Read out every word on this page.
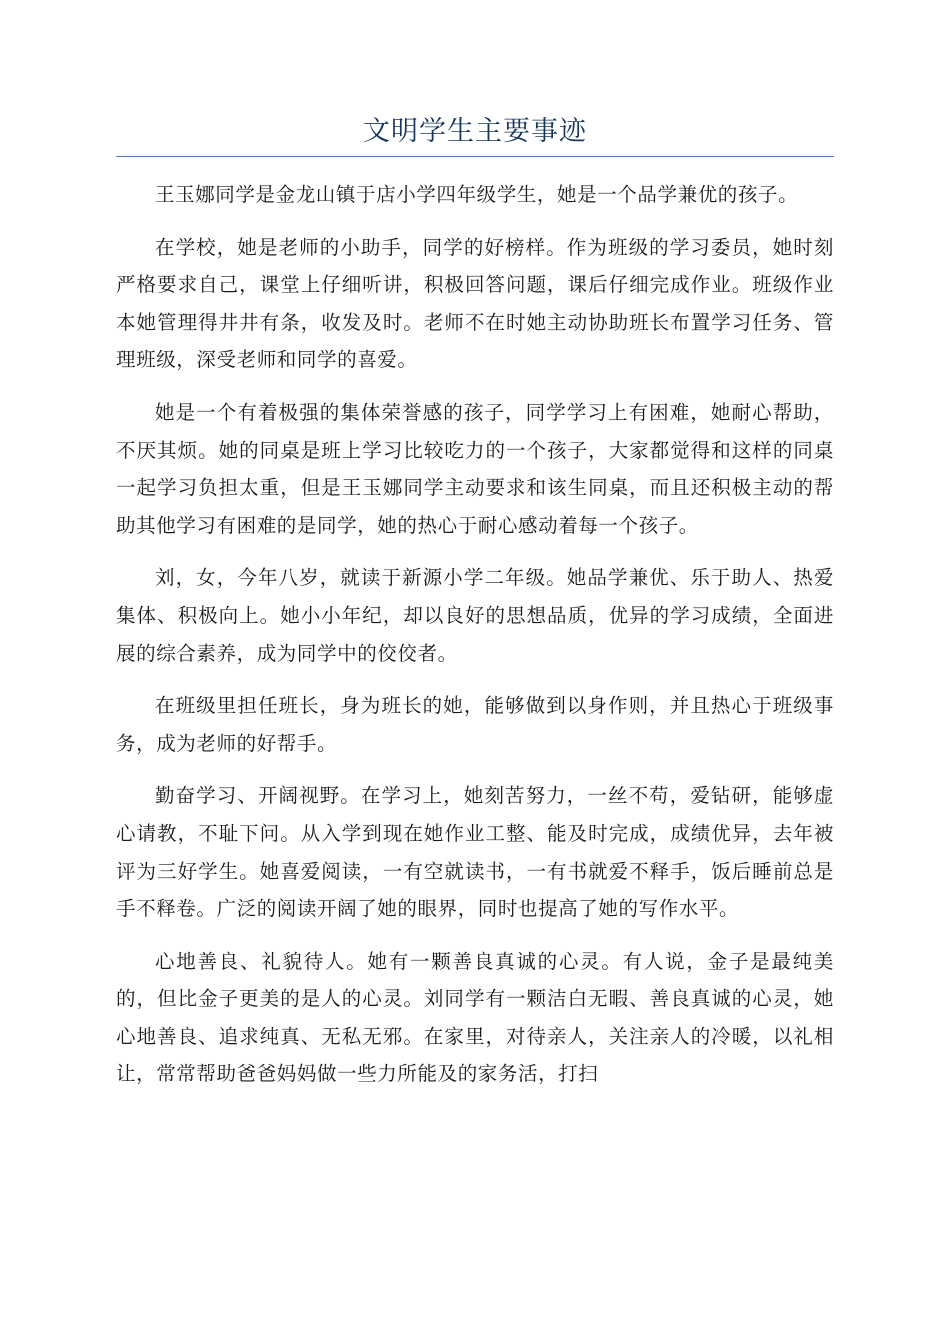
文明学生主要事迹

王玉娜同学是金龙山镇于店小学四年级学生，她是一个品学兼优的孩子。

在学校，她是老师的小助手，同学的好榜样。作为班级的学习委员，她时刻严格要求自己，课堂上仔细听讲，积极回答问题，课后仔细完成作业。班级作业本她管理得井井有条，收发及时。老师不在时她主动协助班长布置学习任务、管理班级，深受老师和同学的喜爱。

她是一个有着极强的集体荣誉感的孩子，同学学习上有困难，她耐心帮助，不厌其烦。她的同桌是班上学习比较吃力的一个孩子，大家都觉得和这样的同桌一起学习负担太重，但是王玉娜同学主动要求和该生同桌，而且还积极主动的帮助其他学习有困难的是同学，她的热心于耐心感动着每一个孩子。

刘，女，今年八岁，就读于新源小学二年级。她品学兼优、乐于助人、热爱集体、积极向上。她小小年纪，却以良好的思想品质，优异的学习成绩，全面进展的综合素养，成为同学中的佼佼者。

在班级里担任班长，身为班长的她，能够做到以身作则，并且热心于班级事务，成为老师的好帮手。

勤奋学习、开阔视野。在学习上，她刻苦努力，一丝不苟，爱钻研，能够虚心请教，不耻下问。从入学到现在她作业工整、能及时完成，成绩优异，去年被评为三好学生。她喜爱阅读，一有空就读书，一有书就爱不释手，饭后睡前总是手不释卷。广泛的阅读开阔了她的眼界，同时也提高了她的写作水平。

心地善良、礼貌待人。她有一颗善良真诚的心灵。有人说，金子是最纯美的，但比金子更美的是人的心灵。刘同学有一颗洁白无暇、善良真诚的心灵，她心地善良、追求纯真、无私无邪。在家里，对待亲人，关注亲人的冷暖，以礼相让，常常帮助爸爸妈妈做一些力所能及的家务活，打扫
